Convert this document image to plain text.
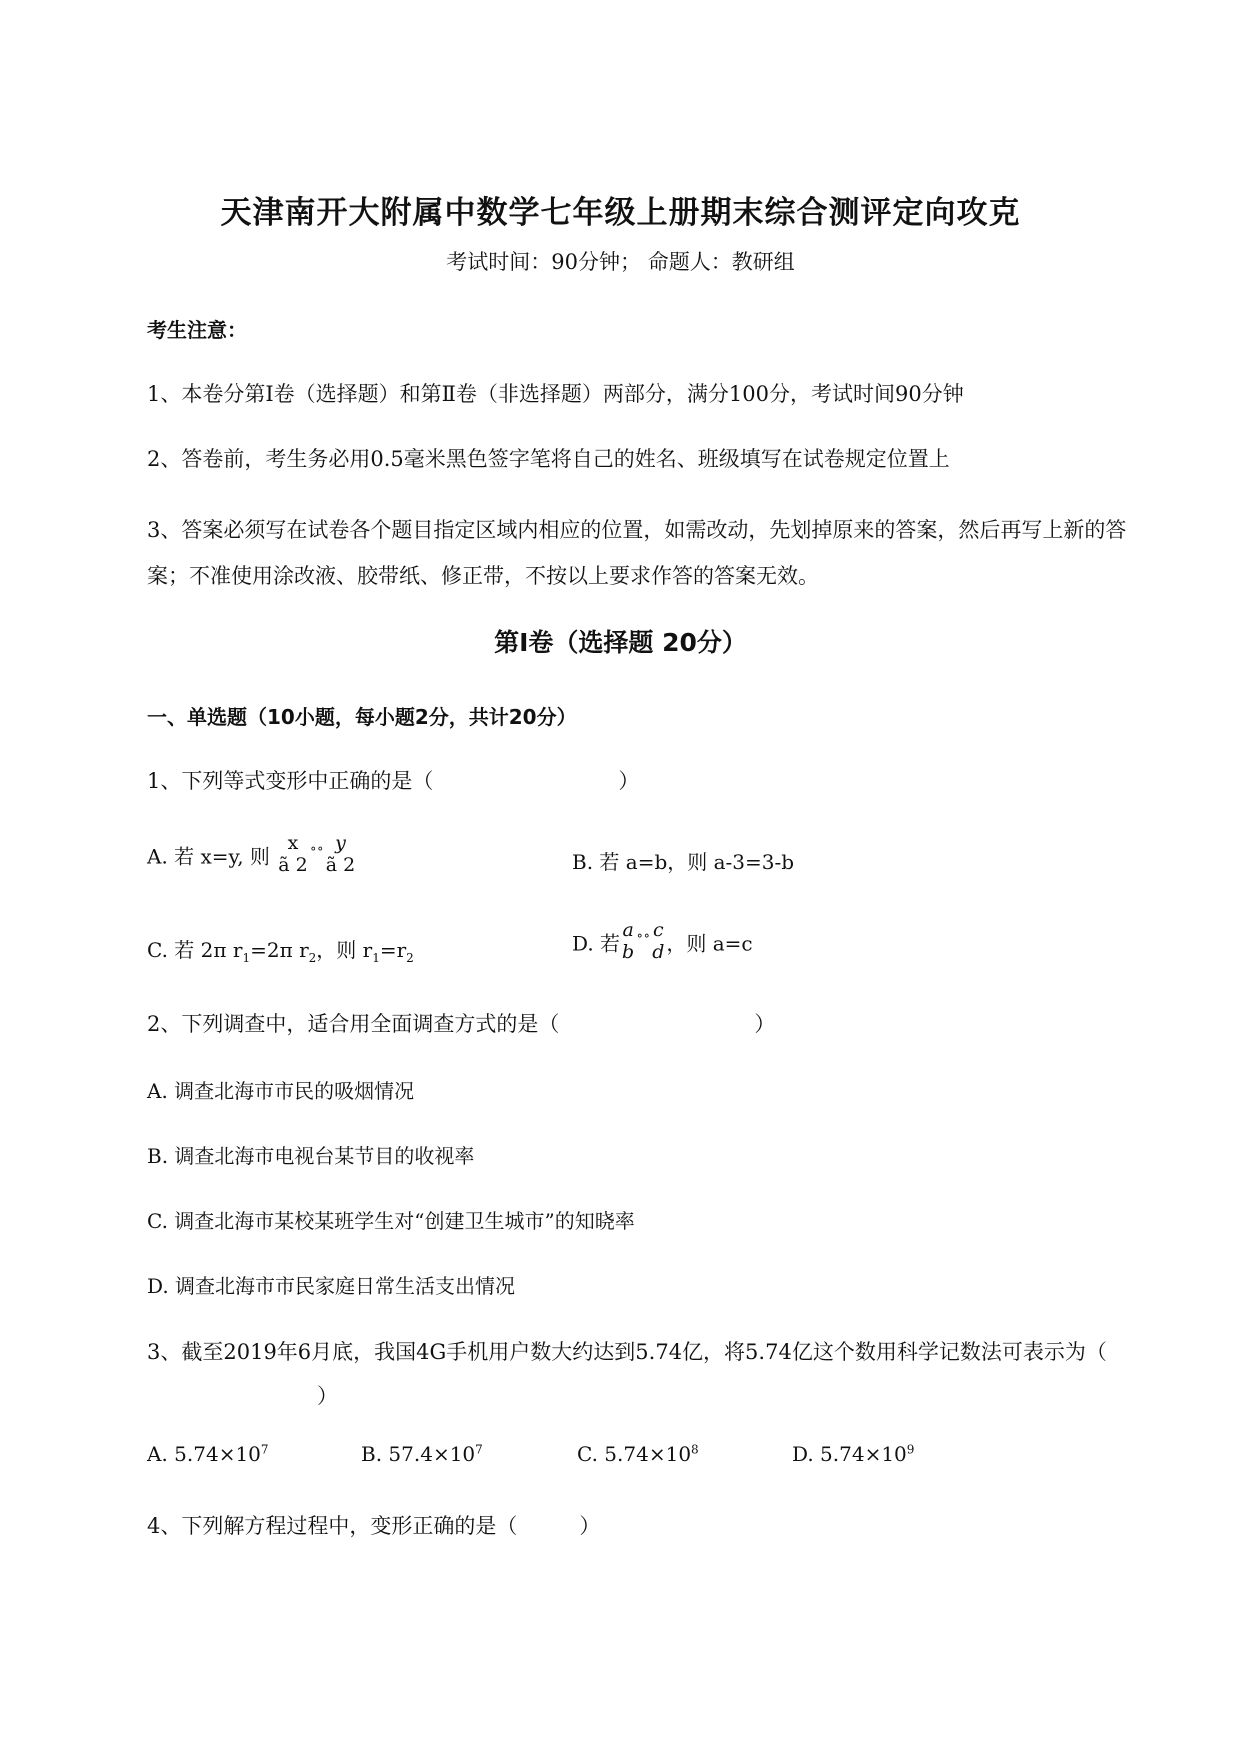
天津南开大附属中数学七年级上册期末综合测评定向攻克
考试时间：90分钟； 命题人：教研组
考生注意：
1、本卷分第Ⅰ卷（选择题）和第Ⅱ卷（非选择题）两部分，满分100分，考试时间90分钟
2、答卷前，考生务必用0.5毫米黑色签字笔将自己的姓名、班级填写在试卷规定位置上
3、答案必须写在试卷各个题目指定区域内相应的位置，如需改动，先划掉原来的答案，然后再写上新的答案；不准使用涂改液、胶带纸、修正带，不按以上要求作答的答案无效。
第Ⅰ卷（选择题 20分）
一、单选题（10小题，每小题2分，共计20分）
1、下列等式变形中正确的是（	）
A. 若 x=y, 则
x
ã 2 ˚˚
y
ã 2	B. 若 a=b，则 a-3=3-b
C. 若 2π $r_1=2\pi$ $r_2$，则 $r_1=r_2$
D. 若
a
b ˚˚
c
d ，则 a=c
2、下列调查中，适合用全面调查方式的是（	）
A. 调查北海市市民的吸烟情况
B. 调查北海市电视台某节目的收视率
C. 调查北海市某校某班学生对“创建卫生城市”的知晓率
D. 调查北海市市民家庭日常生活支出情况
3、截至2019年6月底，我国4G手机用户数大约达到5.74亿，将5.74亿这个数用科学记数法可表示为（）
A. $5.74\times 10^7$	B. $57.4\times 10^7$	C. $5.74\times 10^8$	D. $5.74\times 10^9$
4、下列解方程过程中，变形正确的是（	）
